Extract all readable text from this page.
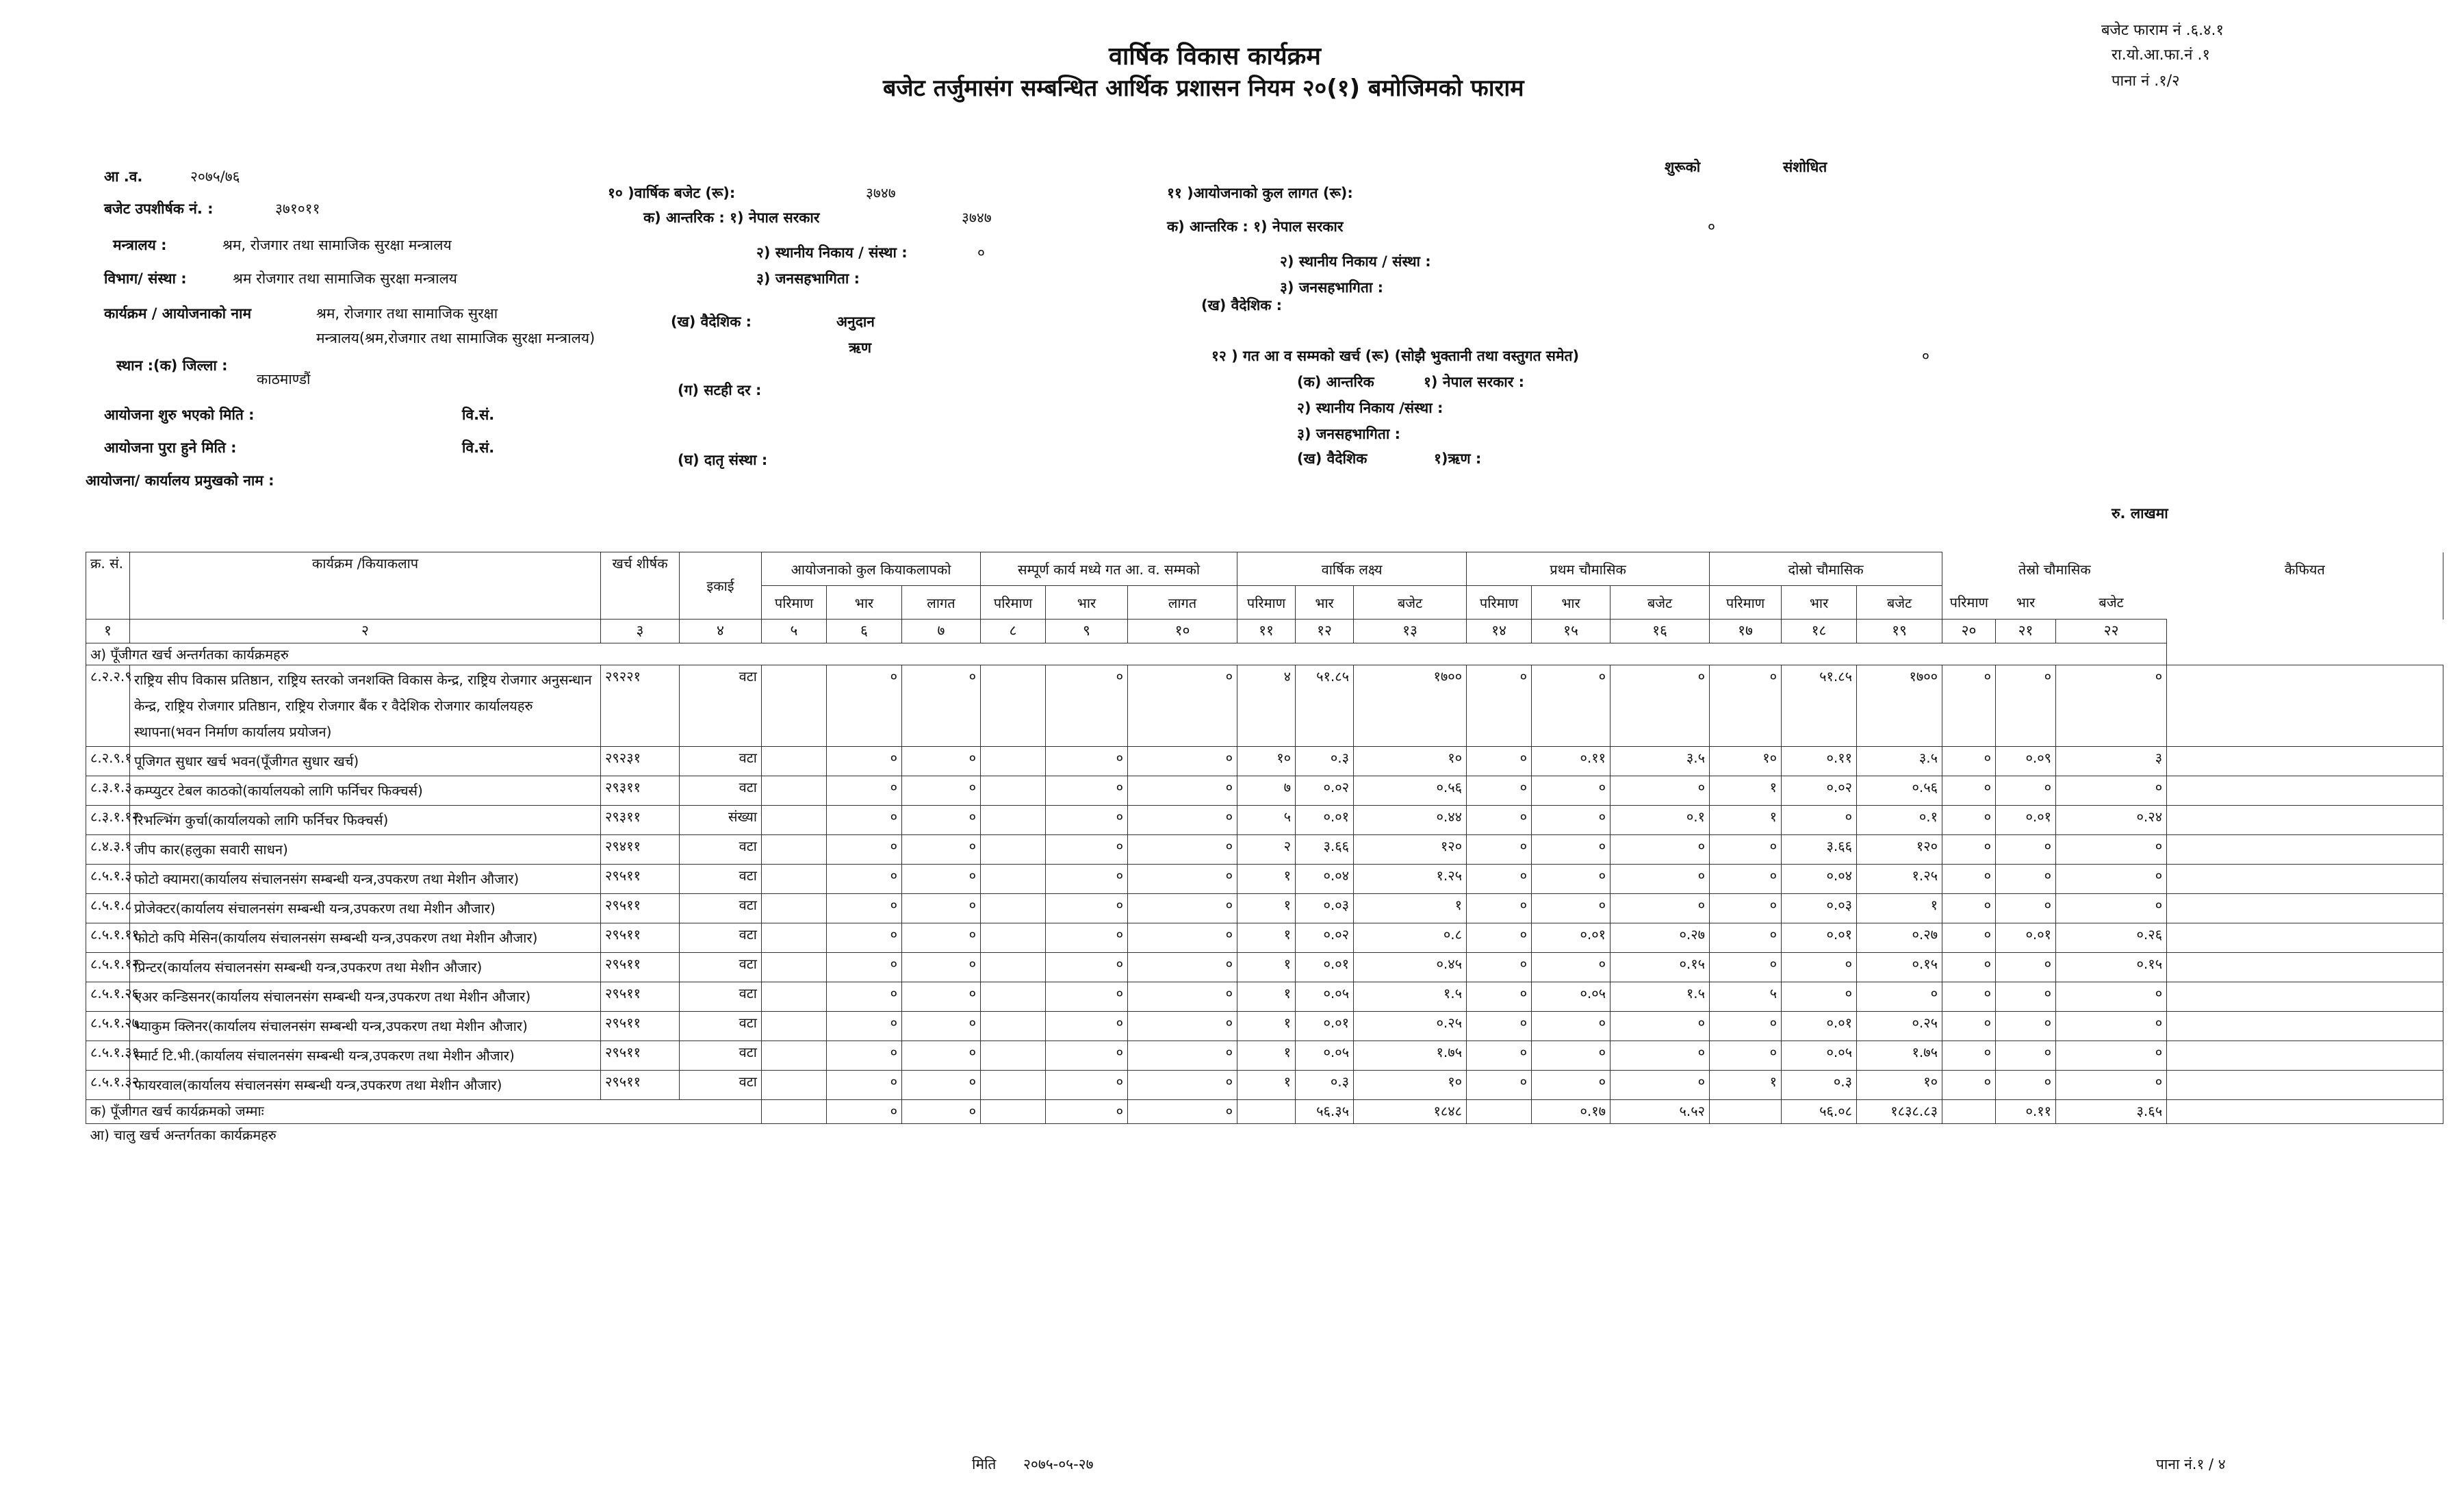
वार्षिक विकास कार्यक्रम
बजेट तर्जुमासंग सम्बन्धित आर्थिक प्रशासन नियम २०(१) बमोजिमको फाराम
बजेट फाराम नं .६.४.१
रा.यो.आ.फा.नं .१
पाना नं .१/२
आ .व.	२०७५/७६
बजेट उपशीर्षक नं. :	३७१०११
मन्त्रालय :	श्रम, रोजगार तथा सामाजिक सुरक्षा मन्त्रालय
विभाग/ संस्था :	श्रम रोजगार तथा सामाजिक सुरक्षा मन्त्रालय
कार्यक्रम / आयोजनाको नाम	श्रम, रोजगार तथा सामाजिक सुरक्षा
मन्त्रालय(श्रम,रोजगार तथा सामाजिक सुरक्षा मन्त्रालय)
स्थान :(क) जिल्ला :
काठमाण्डौं
आयोजना शुरु भएको मिति :	वि.सं.
आयोजना पुरा हुने मिति :	वि.सं.
आयोजना/ कार्यालय प्रमुखको नाम :
१० )वार्षिक बजेट (रू):	३७४७
क) आन्तरिक : १) नेपाल सरकार	३७४७
२) स्थानीय निकाय / संस्था :	०
३) जनसहभागिता :
(ख) वैदेशिक :	अनुदान
ऋण
(ग) सटही दर :
(घ) दातृ संस्था :
शुरूको	संशोधित
११ )आयोजनाको कुल लागत (रू):
क) आन्तरिक : १) नेपाल सरकार	०
२) स्थानीय निकाय / संस्था :
३) जनसहभागिता :
(ख) वैदेशिक :
१२ ) गत आ व सम्मको खर्च (रू) (सोझै भुक्तानी तथा वस्तुगत समेत)	०
(क) आन्तरिक	१) नेपाल सरकार :
२) स्थानीय निकाय /संस्था :
३) जनसहभागिता :
(ख) वैदेशिक	१)ऋण :
रु. लाखमा
क्र. सं.	कार्यक्रम /कियाकलाप	खर्च शीर्षक	इकाई	आयोजनाको कुल कियाकलापको			सम्पूर्ण कार्य मध्ये गत आ. व. सम्मको			वार्षिक लक्ष्य			प्रथम चौमासिक			दोस्रो चौमासिक			तेस्रो चौमासिक			कैफियत
				परिमाण	भार	लागत	परिमाण	भार	लागत	परिमाण	भार	बजेट	परिमाण	भार	बजेट	परिमाण	भार	बजेट	परिमाण	भार	बजेट	
१	२	३	४	५	६	७	८	९	१०	११	१२	१३	१४	१५	१६	१७	१८	१९	२०	२१	२२	
अ) पूँजीगत खर्च अन्तर्गतका कार्यक्रमहरु																						
८.२.२.९	राष्ट्रिय सीप विकास प्रतिष्ठान, राष्ट्रिय स्तरको जनशक्ति विकास केन्द्र, राष्ट्रिय रोजगार अनुसन्धान केन्द्र, राष्ट्रिय रोजगार प्रतिष्ठान, राष्ट्रिय रोजगार बैंक र वैदेशिक रोजगार कार्यालयहरु स्थापना(भवन निर्माण कार्यालय प्रयोजन)	२९२२१	वटा		०	०		०	०	४	५१.८५	१७००	०	०	०	०	५१.८५	१७००	०	०	०	
८.२.९.१	पूजिगत सुधार खर्च भवन(पूँजीगत सुधार खर्च)	२९२३१	वटा		०	०		०	०	१०	०.३	१०	०	०.११	३.५	१०	०.११	३.५	०	०.०९	३	
८.३.१.३	कम्प्युटर टेबल काठको(कार्यालयको लागि फर्निचर फिक्चर्स)	२९३११	वटा		०	०		०	०	७	०.०२	०.५६	०	०	०	१	०.०२	०.५६	०	०	०	
८.३.१.१२	रिभल्भिंग कुर्चा(कार्यालयको लागि फर्निचर फिक्चर्स)	२९३११	संख्या		०	०		०	०	५	०.०१	०.४४	०	०	०.१	१	०	०.१	०	०.०१	०.२४	
८.४.३.१	जीप कार(हलुका सवारी साधन)	२९४११	वटा		०	०		०	०	२	३.६६	१२०	०	०	०	०	३.६६	१२०	०	०	०	
८.५.१.३	फोटो क्यामरा(कार्यालय संचालनसंग सम्बन्धी यन्त्र,उपकरण तथा मेशीन औजार)	२९५११	वटा		०	०		०	०	१	०.०४	१.२५	०	०	०	०	०.०४	१.२५	०	०	०	
८.५.१.८	प्रोजेक्टर(कार्यालय संचालनसंग सम्बन्धी यन्त्र,उपकरण तथा मेशीन औजार)	२९५११	वटा		०	०		०	०	१	०.०३	१	०	०	०	०	०.०३	१	०	०	०	
८.५.१.११	फोटो कपि मेसिन(कार्यालय संचालनसंग सम्बन्धी यन्त्र,उपकरण तथा मेशीन औजार)	२९५११	वटा		०	०		०	०	१	०.०२	०.८	०	०.०१	०.२७	०	०.०१	०.२७	०	०.०१	०.२६	
८.५.१.१२	प्रिन्टर(कार्यालय संचालनसंग सम्बन्धी यन्त्र,उपकरण तथा मेशीन औजार)	२९५११	वटा		०	०		०	०	१	०.०१	०.४५	०	०	०.१५	०	०	०.१५	०	०	०.१५	
८.५.१.२६	एअर कन्डिसनर(कार्यालय संचालनसंग सम्बन्धी यन्त्र,उपकरण तथा मेशीन औजार)	२९५११	वटा		०	०		०	०	१	०.०५	१.५	०	०.०५	१.५	५	०	०	०	०	०	
८.५.१.२७	भ्याकुम क्लिनर(कार्यालय संचालनसंग सम्बन्धी यन्त्र,उपकरण तथा मेशीन औजार)	२९५११	वटा		०	०		०	०	१	०.०१	०.२५	०	०	०	०	०.०१	०.२५	०	०	०	
८.५.१.३१	स्मार्ट टि.भी.(कार्यालय संचालनसंग सम्बन्धी यन्त्र,उपकरण तथा मेशीन औजार)	२९५११	वटा		०	०		०	०	१	०.०५	१.७५	०	०	०	०	०.०५	१.७५	०	०	०	
८.५.१.३२	फायरवाल(कार्यालय संचालनसंग सम्बन्धी यन्त्र,उपकरण तथा मेशीन औजार)	२९५११	वटा		०	०		०	०	१	०.३	१०	०	०	०	१	०.३	१०	०	०	०	
क) पूँजीगत खर्च कार्यक्रमको जम्माः					०	०		०	०		५६.३५	१८४८		०.१७	५.५२		५६.०८	१८३८.८३		०.११	३.६५	
आ) चालु खर्च अन्तर्गतका कार्यक्रमहरु																						
मिति २०७५-०५-२७	पाना नं.१ / ४
